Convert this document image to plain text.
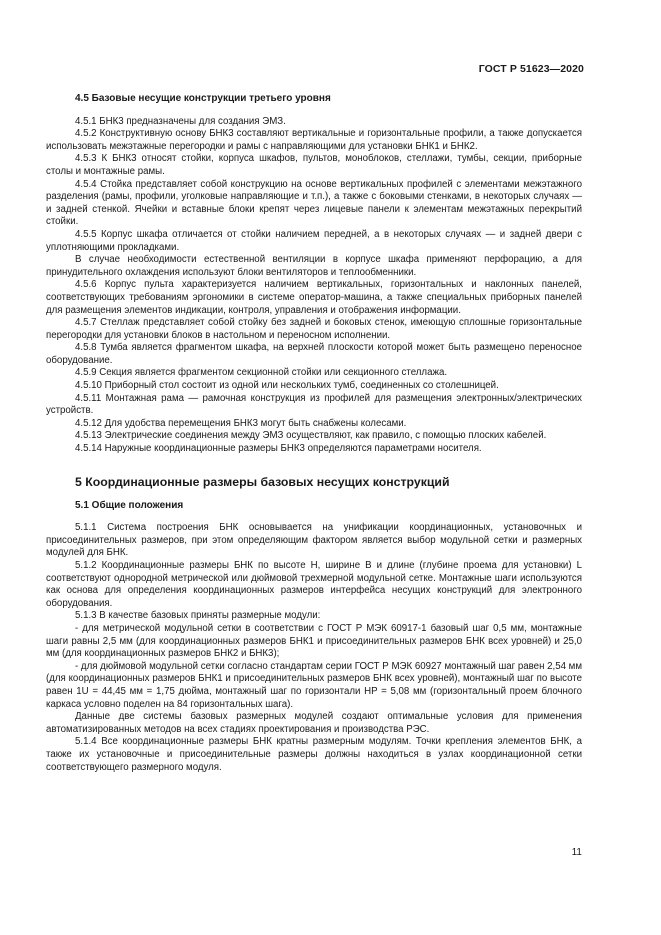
ГОСТ Р 51623—2020

4.5 Базовые несущие конструкции третьего уровня

4.5.1 БНК3 предназначены для создания ЭМЗ.

4.5.2 Конструктивную основу БНК3 составляют вертикальные и горизонтальные профили, а также допускается использовать межэтажные перегородки и рамы с направляющими для установки БНК1 и БНК2.

4.5.3 К БНК3 относят стойки, корпуса шкафов, пультов, моноблоков, стеллажи, тумбы, секции, приборные столы и монтажные рамы.

4.5.4 Стойка представляет собой конструкцию на основе вертикальных профилей с элементами межэтажного разделения (рамы, профили, уголковые направляющие и т.п.), а также с боковыми стенками, в некоторых случаях — и задней стенкой. Ячейки и вставные блоки крепят через лицевые панели к элементам межэтажных перекрытий стойки.

4.5.5 Корпус шкафа отличается от стойки наличием передней, а в некоторых случаях — и задней двери с уплотняющими прокладками.

В случае необходимости естественной вентиляции в корпусе шкафа применяют перфорацию, а для принудительного охлаждения используют блоки вентиляторов и теплообменники.

4.5.6 Корпус пульта характеризуется наличием вертикальных, горизонтальных и наклонных панелей, соответствующих требованиям эргономики в системе оператор-машина, а также специальных приборных панелей для размещения элементов индикации, контроля, управления и отображения информации.

4.5.7 Стеллаж представляет собой стойку без задней и боковых стенок, имеющую сплошные горизонтальные перегородки для установки блоков в настольном и переносном исполнении.

4.5.8 Тумба является фрагментом шкафа, на верхней плоскости которой может быть размещено переносное оборудование.

4.5.9 Секция является фрагментом секционной стойки или секционного стеллажа.

4.5.10 Приборный стол состоит из одной или нескольких тумб, соединенных со столешницей.

4.5.11 Монтажная рама — рамочная конструкция из профилей для размещения электронных/электрических устройств.

4.5.12 Для удобства перемещения БНК3 могут быть снабжены колесами.

4.5.13 Электрические соединения между ЭМЗ осуществляют, как правило, с помощью плоских кабелей.

4.5.14 Наружные координационные размеры БНК3 определяются параметрами носителя.

5 Координационные размеры базовых несущих конструкций

5.1 Общие положения

5.1.1 Система построения БНК основывается на унификации координационных, установочных и присоединительных размеров, при этом определяющим фактором является выбор модульной сетки и размерных модулей для БНК.

5.1.2 Координационные размеры БНК по высоте H, ширине B и длине (глубине проема для установки) L соответствуют однородной метрической или дюймовой трехмерной модульной сетке. Монтажные шаги используются как основа для определения координационных размеров интерфейса несущих конструкций для электронного оборудования.

5.1.3 В качестве базовых приняты размерные модули:

- для метрической модульной сетки в соответствии с ГОСТ Р МЭК 60917-1 базовый шаг 0,5 мм, монтажные шаги равны 2,5 мм (для координационных размеров БНК1 и присоединительных размеров БНК всех уровней) и 25,0 мм (для координационных размеров БНК2 и БНК3);

- для дюймовой модульной сетки согласно стандартам серии ГОСТ Р МЭК 60927 монтажный шаг равен 2,54 мм (для координационных размеров БНК1 и присоединительных размеров БНК всех уровней), монтажный шаг по высоте равен 1U = 44,45 мм = 1,75 дюйма, монтажный шаг по горизонтали HP = 5,08 мм (горизонтальный проем блочного каркаса условно поделен на 84 горизонтальных шага).

Данные две системы базовых размерных модулей создают оптимальные условия для применения автоматизированных методов на всех стадиях проектирования и производства РЭС.

5.1.4 Все координационные размеры БНК кратны размерным модулям. Точки крепления элементов БНК, а также их установочные и присоединительные размеры должны находиться в узлах координационной сетки соответствующего размерного модуля.

11
